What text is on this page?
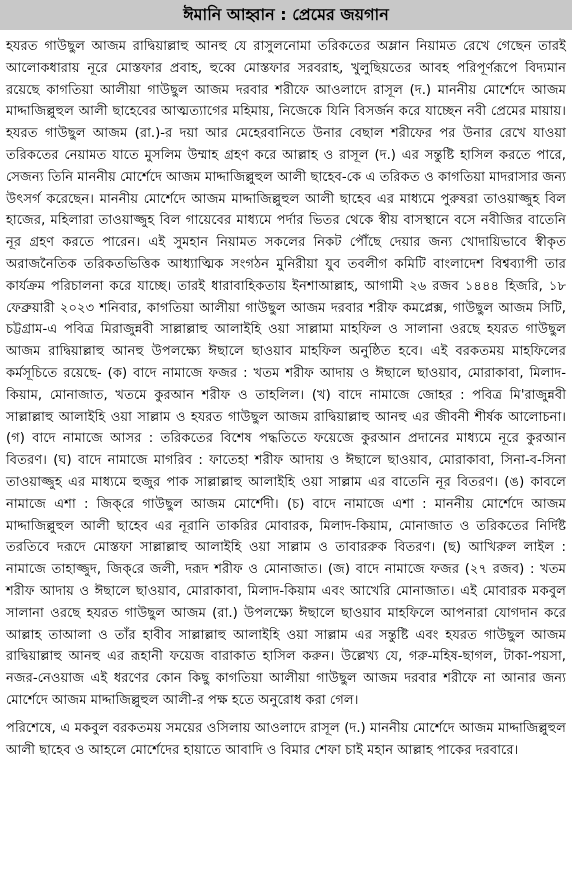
ঈমানি আহ্বান : প্রেমের জয়গান

হযরত গাউছুল আজম রাদ্বিয়াল্লাহু আনহু যে রাসুলনোমা তরিকতের অম্লান নিয়ামত রেখে গেছেন তারই আলোকধারায় নূরে মোস্তফার প্রবাহ, হুব্বে মোস্তফার সরবরাহ, খুলুছিয়তের আবহ পরিপূর্ণরূপে বিদ্যমান রয়েছে কাগতিয়া আলীয়া গাউছুল আজম দরবার শরীফে আওলাদে রাসূল (দ.) মাননীয় মোর্শেদে আজম মাদ্দাজিল্লুহুল আলী ছাহেবের আত্মত্যাগের মহিমায়, নিজেকে যিনি বিসর্জন করে যাচ্ছেন নবী প্রেমের মায়ায়। হযরত গাউছুল আজম (রা.)-র দয়া আর মেহেরবানিতে উনার বেছাল শরীফের পর উনার রেখে যাওয়া তরিকতের নেয়ামত যাতে মুসলিম উম্মাহ গ্রহণ করে আল্লাহ ও রাসূল (দ.) এর সন্তুষ্টি হাসিল করতে পারে, সেজন্য তিনি মাননীয় মোর্শেদে আজম মাদ্দাজিল্লুহুল আলী ছাহেব-কে এ তরিকত ও কাগতিয়া মাদরাসার জন্য উৎসর্গ করেছেন। মাননীয় মোর্শেদে আজম মাদ্দাজিল্লুহুল আলী ছাহেব এর মাধ্যমে পুরুষরা তাওয়াজ্জুহ বিল হাজের, মহিলারা তাওয়াজ্জুহ বিল গায়েবের মাধ্যমে পর্দার ভিতর থেকে স্বীয় বাসস্থানে বসে নবীজির বাতেনি নূর গ্রহণ করতে পারেন। এই সুমহান নিয়ামত সকলের নিকট পৌঁছে দেয়ার জন্য খোদায়িভাবে স্বীকৃত অরাজনৈতিক তরিকতভিত্তিক আধ্যাত্মিক সংগঠন মুনিরীয়া যুব তবলীগ কমিটি বাংলাদেশ বিশ্বব্যাপী তার কার্যক্রম পরিচালনা করে যাচ্ছে। তারই ধারাবাহিকতায় ইনশাআল্লাহ, আগামী ২৬ রজব ১৪৪৪ হিজরি, ১৮ ফেব্রুয়ারী ২০২৩ শনিবার, কাগতিয়া আলীয়া গাউছুল আজম দরবার শরীফ কমপ্লেক্স, গাউছুল আজম সিটি, চট্টগ্রাম-এ পবিত্র মিরাজুন্নবী সাল্লাল্লাহু আলাইহি ওয়া সাল্লামা মাহফিল ও সালানা ওরছে হযরত গাউছুল আজম রাদ্বিয়াল্লাহু আনহু উপলক্ষ্যে ঈছালে ছাওয়াব মাহফিল অনুষ্ঠিত হবে। এই বরকতময় মাহফিলের কর্মসূচিতে রয়েছে- (ক) বাদে নামাজে ফজর : খতম শরীফ আদায় ও ঈছালে ছাওয়াব, মোরাকাবা, মিলাদ-কিয়াম, মোনাজাত, খতমে কুরআন শরীফ ও তাহলিল। (খ) বাদে নামাজে জোহর : পবিত্র মি'রাজুন্নবী সাল্লাল্লাহু আলাইহি ওয়া সাল্লাম ও হযরত গাউছুল আজম রাদ্বিয়াল্লাহু আনহু এর জীবনী শীর্ষক আলোচনা। (গ) বাদে নামাজে আসর : তরিকতের বিশেষ পদ্ধতিতে ফয়েজে কুরআন প্রদানের মাধ্যমে নূরে কুরআন বিতরণ। (ঘ) বাদে নামাজে মাগরিব : ফাতেহা শরীফ আদায় ও ঈছালে ছাওয়াব, মোরাকাবা, সিনা-ব-সিনা তাওয়াজ্জুহ এর মাধ্যমে হুজুর পাক সাল্লাল্লাহু আলাইহি ওয়া সাল্লাম এর বাতেনি নূর বিতরণ। (ঙ) কাবলে নামাজে এশা : জিক্‌রে গাউছুল আজম মোর্শেদী। (চ) বাদে নামাজে এশা : মাননীয় মোর্শেদে আজম মাদ্দাজিল্লুহুল আলী ছাহেব এর নূরানি তাকরির মোবারক, মিলাদ-কিয়াম, মোনাজাত ও তরিকতের নির্দিষ্ট তরতিবে দরূদে মোস্তফা সাল্লাল্লাহু আলাইহি ওয়া সাল্লাম ও তাবাররুক বিতরণ। (ছ) আখিরুল লাইল : নামাজে তাহাজ্জুদ, জিক্‌রে জলী, দরূদ শরীফ ও মোনাজাত। (জ) বাদে নামাজে ফজর (২৭ রজব) : খতম শরীফ আদায় ও ঈছালে ছাওয়াব, মোরাকাবা, মিলাদ-কিয়াম এবং আখেরি মোনাজাত। এই মোবারক মকবুল সালানা ওরছে হযরত গাউছুল আজম (রা.) উপলক্ষ্যে ঈছালে ছাওয়াব মাহফিলে আপনারা যোগদান করে আল্লাহ তাআলা ও তাঁর হাবীব সাল্লাল্লাহু আলাইহি ওয়া সাল্লাম এর সন্তুষ্টি এবং হযরত গাউছুল আজম রাদ্বিয়াল্লাহু আনহু এর রূহানী ফয়েজ বারাকাত হাসিল করুন। উল্লেখ্য যে, গরু-মহিষ-ছাগল, টাকা-পয়সা, নজর-নেওয়াজ এই ধরণের কোন কিছু কাগতিয়া আলীয়া গাউছুল আজম দরবার শরীফে না আনার জন্য মোর্শেদে আজম মাদ্দাজিল্লুহুল আলী-র পক্ষ হতে অনুরোধ করা গেল।

পরিশেষে, এ মকবুল বরকতময় সময়ের ওসিলায় আওলাদে রাসূল (দ.) মাননীয় মোর্শেদে আজম মাদ্দাজিল্লুহুল আলী ছাহেব ও আহলে মোর্শেদের হায়াতে আবাদি ও বিমার শেফা চাই মহান আল্লাহ পাকের দরবারে।
